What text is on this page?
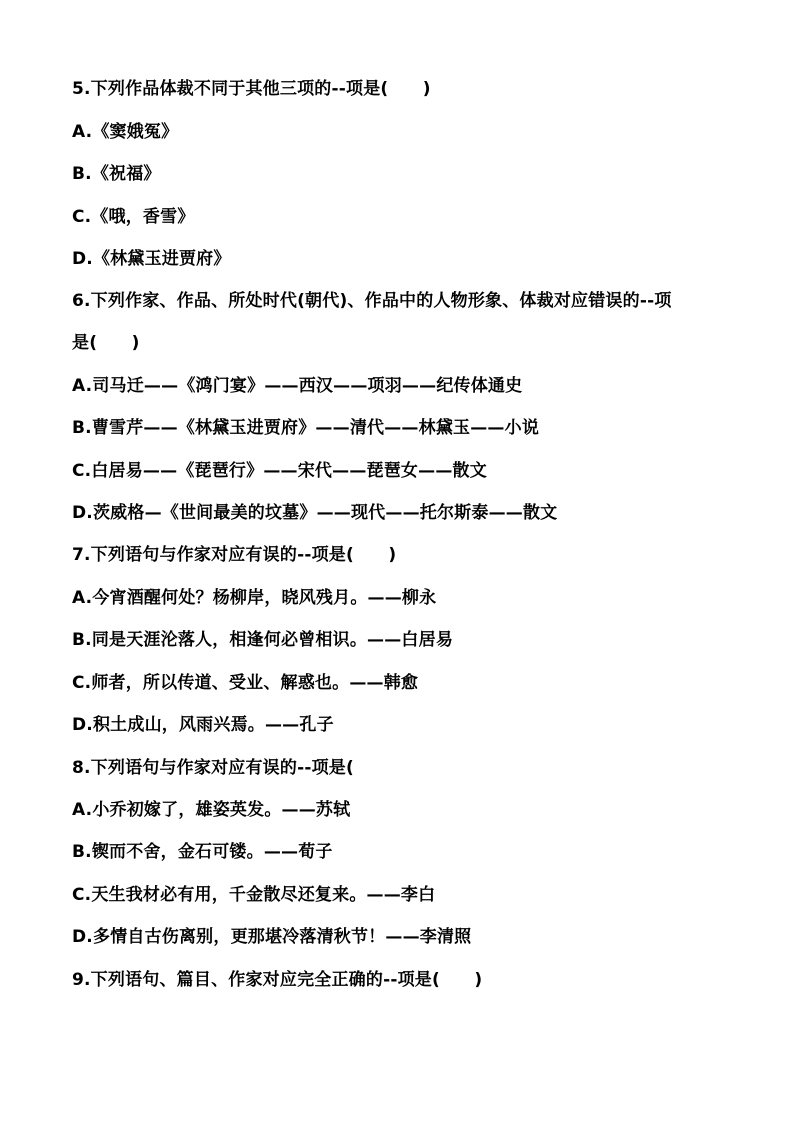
5.下列作品体裁不同于其他三项的--项是(　　)
A.《窦娥冤》
B.《祝福》
C.《哦，香雪》
D.《林黛玉进贾府》
6.下列作家、作品、所处时代(朝代)、作品中的人物形象、体裁对应错误的--项
是(　　)
A.司马迁——《鸿门宴》——西汉——项羽——纪传体通史
B.曹雪芹——《林黛玉进贾府》——清代——林黛玉——小说
C.白居易——《琵琶行》——宋代——琵琶女——散文
D.茨威格—《世间最美的坟墓》——现代——托尔斯泰——散文
7.下列语句与作家对应有误的--项是(　　)
A.今宵酒醒何处？杨柳岸，晓风残月。——柳永
B.同是天涯沦落人，相逢何必曾相识。——白居易
C.师者，所以传道、受业、解惑也。——韩愈
D.积土成山，风雨兴焉。——孔子
8.下列语句与作家对应有误的--项是(
A.小乔初嫁了，雄姿英发。——苏轼
B.锲而不舍，金石可镂。——荀子
C.天生我材必有用，千金散尽还复来。——李白
D.多情自古伤离别，更那堪冷落清秋节！——李清照
9.下列语句、篇目、作家对应完全正确的--项是(　　)
